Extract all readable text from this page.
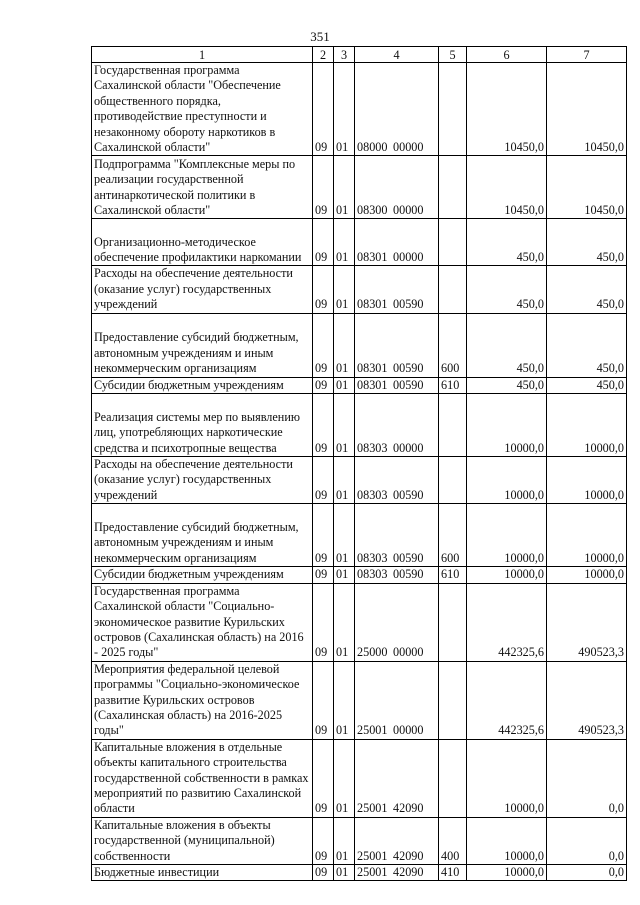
351
1	2	3	4	5	6	7
Государственная программа Сахалинской области "Обеспечение общественного порядка, противодействие преступности и незаконному обороту наркотиков в Сахалинской области"	09	01	08000 00000		10450,0	10450,0
Подпрограмма "Комплексные меры по реализации государственной антинаркотической политики в Сахалинской области"	09	01	08300 00000		10450,0	10450,0
Организационно-методическое обеспечение профилактики наркомании	09	01	08301 00000		450,0	450,0
Расходы на обеспечение деятельности (оказание услуг) государственных учреждений	09	01	08301 00590		450,0	450,0
Предоставление субсидий бюджетным, автономным учреждениям и иным некоммерческим организациям	09	01	08301 00590	600	450,0	450,0
Субсидии бюджетным учреждениям	09	01	08301 00590	610	450,0	450,0
Реализация системы мер по выявлению лиц, употребляющих наркотические средства и психотропные вещества	09	01	08303 00000		10000,0	10000,0
Расходы на обеспечение деятельности (оказание услуг) государственных учреждений	09	01	08303 00590		10000,0	10000,0
Предоставление субсидий бюджетным, автономным учреждениям и иным некоммерческим организациям	09	01	08303 00590	600	10000,0	10000,0
Субсидии бюджетным учреждениям	09	01	08303 00590	610	10000,0	10000,0
Государственная программа Сахалинской области "Социально-экономическое развитие Курильских островов (Сахалинская область) на 2016 - 2025 годы"	09	01	25000 00000		442325,6	490523,3
Мероприятия федеральной целевой программы "Социально-экономическое развитие Курильских островов (Сахалинская область) на 2016-2025 годы"	09	01	25001 00000		442325,6	490523,3
Капитальные вложения в отдельные объекты капитального строительства государственной собственности в рамках мероприятий по развитию Сахалинской области	09	01	25001 42090		10000,0	0,0
Капитальные вложения в объекты государственной (муниципальной) собственности	09	01	25001 42090	400	10000,0	0,0
Бюджетные инвестиции	09	01	25001 42090	410	10000,0	0,0
